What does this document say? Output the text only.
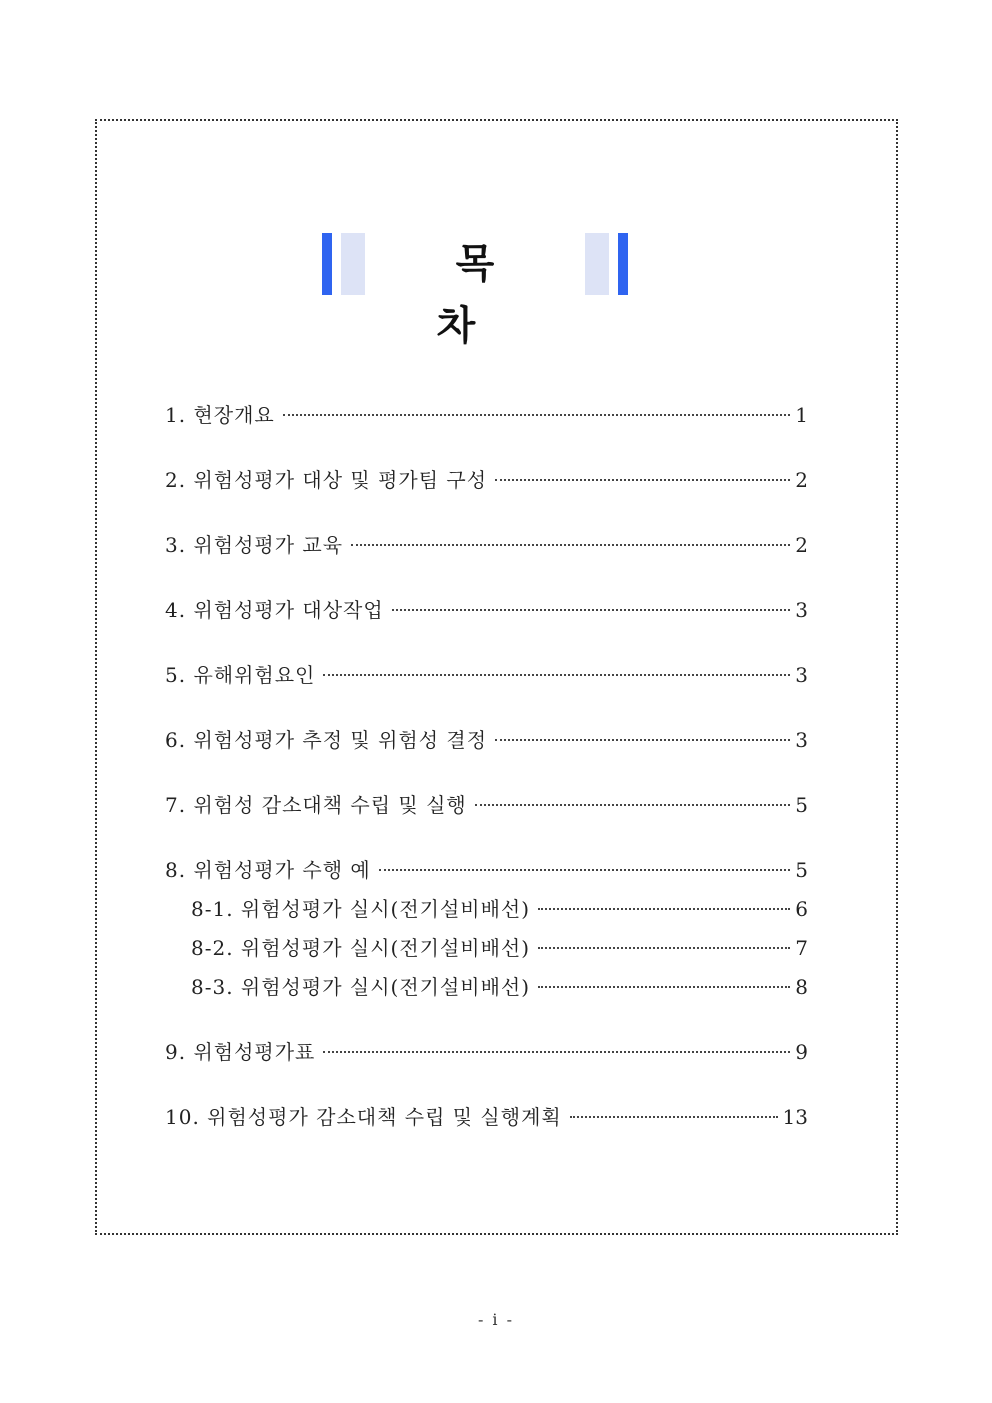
목 차
1. 현장개요	1
2. 위험성평가 대상 및 평가팀 구성	2
3. 위험성평가 교육	2
4. 위험성평가 대상작업	3
5. 유해위험요인	3
6. 위험성평가 추정 및 위험성 결정	3
7. 위험성 감소대책 수립 및 실행	5
8. 위험성평가 수행 예	5
8-1. 위험성평가 실시(전기설비배선)	6
8-2. 위험성평가 실시(전기설비배선)	7
8-3. 위험성평가 실시(전기설비배선)	8
9. 위험성평가표	9
10. 위험성평가 감소대책 수립 및 실행계획	13
- i -
